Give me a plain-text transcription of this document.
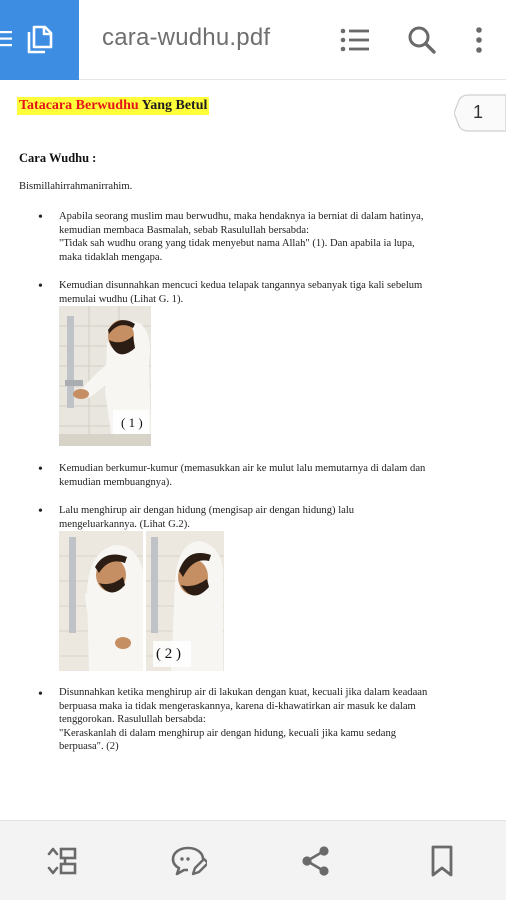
cara-wudhu.pdf
1
Tatacara Berwudhu Yang Betul
Cara Wudhu :
Bismillahirrahmanirrahim.
•
Apabila seorang muslim mau berwudhu, maka hendaknya ia berniat di dalam hatinya,
kemudian membaca Basmalah, sebab Rasulullah bersabda:
"Tidak sah wudhu orang yang tidak menyebut nama Allah" (1). Dan apabila ia lupa,
maka tidaklah mengapa.
•
Kemudian disunnahkan mencuci kedua telapak tangannya sebanyak tiga kali sebelum
memulai wudhu (Lihat G. 1).
( 1 )
•
Kemudian berkumur-kumur (memasukkan air ke mulut lalu memutarnya di dalam dan
kemudian membuangnya).
•
Lalu menghirup air dengan hidung (mengisap air dengan hidung) lalu
mengeluarkannya. (Lihat G.2).
( 2 )
•
Disunnahkan ketika menghirup air di lakukan dengan kuat, kecuali jika dalam keadaan
berpuasa maka ia tidak mengeraskannya, karena di-khawatirkan air masuk ke dalam
tenggorokan. Rasulullah bersabda:
"Keraskanlah di dalam menghirup air dengan hidung, kecuali jika kamu sedang
berpuasa". (2)
